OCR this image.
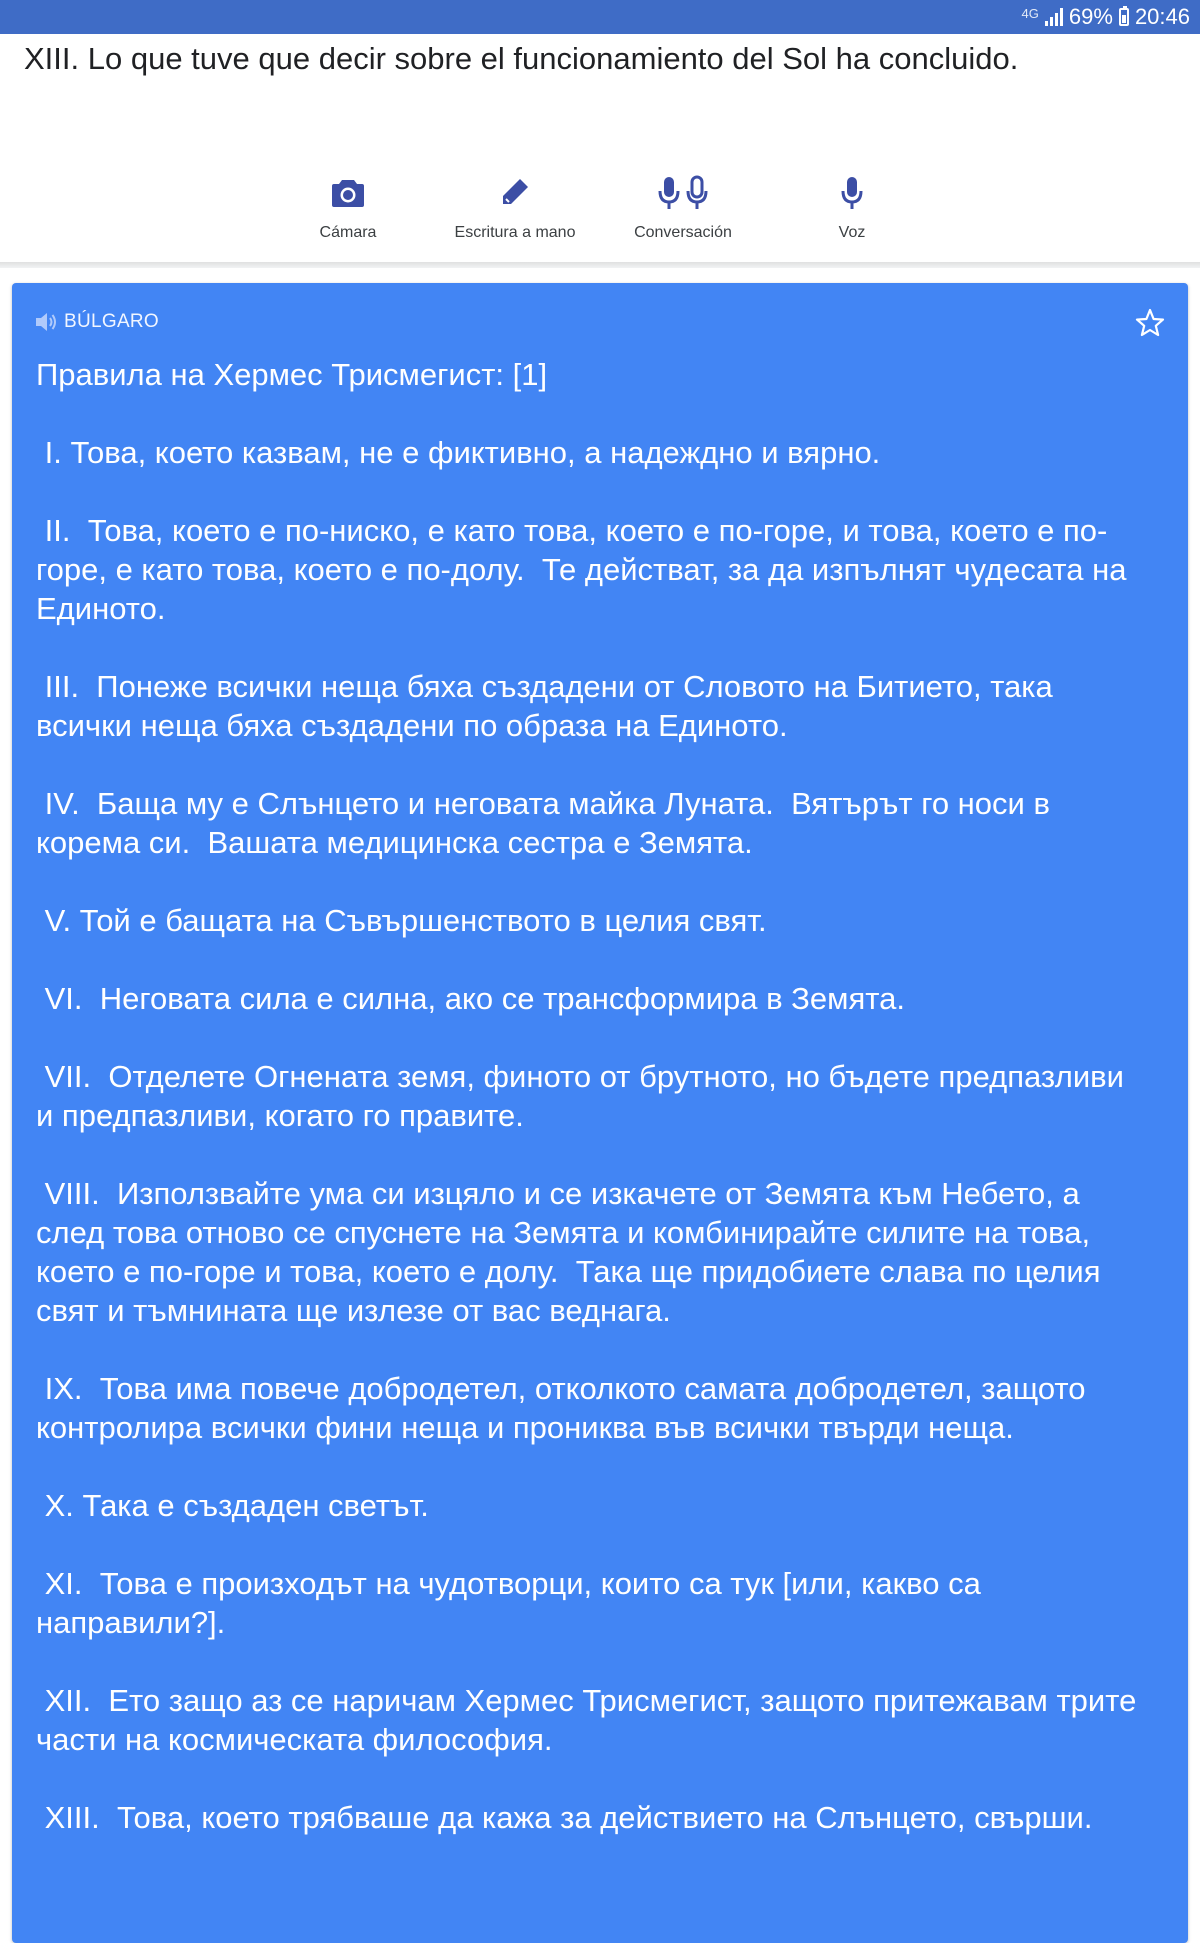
4G 69% 20:46

XIII. Lo que tuve que decir sobre el funcionamiento del Sol ha concluido.

Cámara	Escritura a mano	Conversación	Voz
BÚLGARO

Правила на Хермес Трисмегист: [1]

I. Това, което казвам, не е фиктивно, а надеждно и вярно.

II.  Това, което е по-ниско, е като това, което е по-горе, и това, което е по-горе, е като това, което е по-долу.  Те действат, за да изпълнят чудесата на Единото.

III.  Понеже всички неща бяха създадени от Словото на Битието, така всички неща бяха създадени по образа на Единото.

IV.  Баща му е Слънцето и неговата майка Луната.  Вятърът го носи в корема си.  Вашата медицинска сестра е Земята.

V. Той е бащата на Съвършенството в целия свят.

VI.  Неговата сила е силна, ако се трансформира в Земята.

VII.  Отделете Огнената земя, финото от брутното, но бъдете предпазливи и предпазливи, когато го правите.

VIII.  Използвайте ума си изцяло и се изкачете от Земята към Небето, а след това отново се спуснете на Земята и комбинирайте силите на това, което е по-горе и това, което е долу.  Така ще придобиете слава по целия свят и тъмнината ще излезе от вас веднага.

IX.  Това има повече добродетел, отколкото самата добродетел, защото контролира всички фини неща и прониква във всички твърди неща.

X. Така е създаден светът.

XI.  Това е произходът на чудотворци, които са тук [или, какво са направили?].

XII.  Ето защо аз се наричам Хермес Трисмегист, защото притежавам трите части на космическата философия.

XIII.  Това, което трябваше да кажа за действието на Слънцето, свърши.
